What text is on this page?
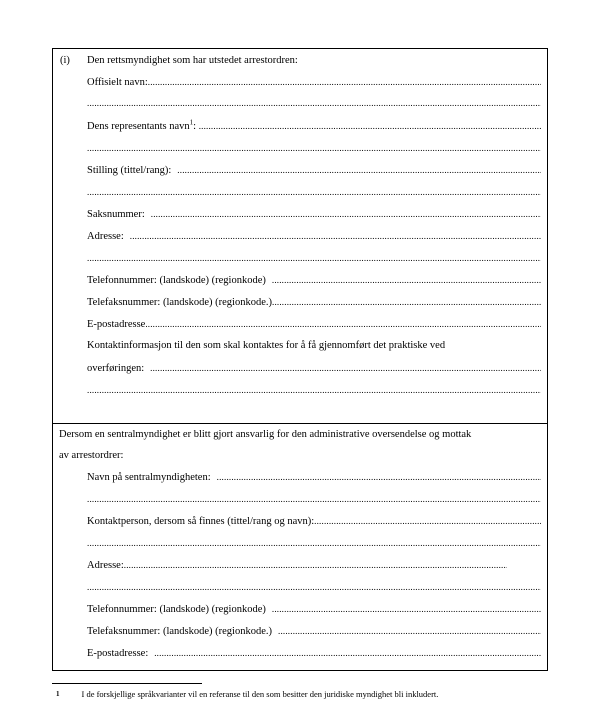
(i) Den rettsmyndighet som har utstedet arrestordren:
Offisielt navn:
.....
.....
Dens representants navn$^1$:
.....
.....
Stilling (tittel/rang):
.....
.....
Saksnummer:
.....
Adresse:
.....
.....
Telefonnummer: (landskode) (regionkode)
.....
Telefaksnummer: (landskode) (regionkode.)
.....
E-postadresse
.....
Kontaktinformasjon til den som skal kontaktes for å få gjennomført det praktiske ved
overføringen:
.....
.....
Dersom en sentralmyndighet er blitt gjort ansvarlig for den administrative oversendelse og mottak
av arrestordrer:
Navn på sentralmyndigheten:
.....
.....
Kontaktperson, dersom så finnes (tittel/rang og navn):
.....
.....
Adresse:
.....
.....
Telefonnummer: (landskode) (regionkode)
.....
Telefaksnummer: (landskode) (regionkode.)
.....
E-postadresse:
.....
1	I de forskjellige språkvarianter vil en referanse til den som besitter den juridiske myndighet bli inkludert.
